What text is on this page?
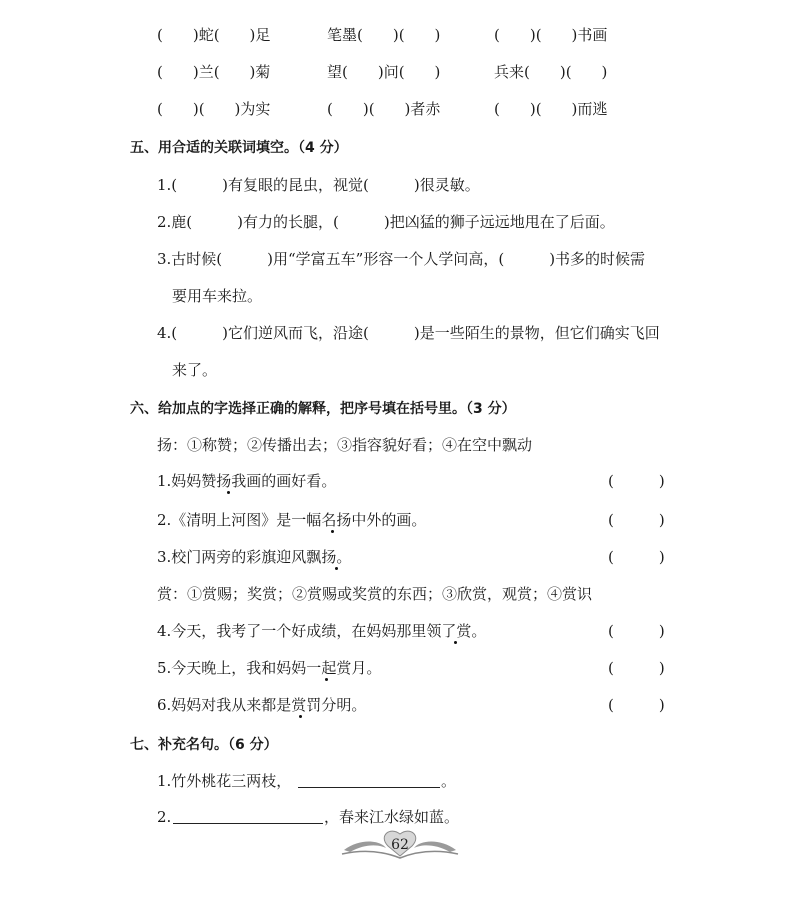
(　　)蛇(　　)足	笔墨(　　)(　　)	(　　)(　　)书画
(　　)兰(　　)菊	望(　　)问(　　)	兵来(　　)(　　)
(　　)(　　)为实	(　　)(　　)者赤	(　　)(　　)而逃
五、用合适的关联词填空。（4 分）
1.(　　　)有复眼的昆虫，视觉(　　　)很灵敏。
2.鹿(　　　)有力的长腿，(　　　)把凶猛的狮子远远地甩在了后面。
3.古时候(　　　)用“学富五车”形容一个人学问高，(　　　)书多的时候需
要用车来拉。
4.(　　　)它们逆风而飞，沿途(　　　)是一些陌生的景物，但它们确实飞回
来了。
六、给加点的字选择正确的解释，把序号填在括号里。（3 分）
扬：①称赞；②传播出去；③指容貌好看；④在空中飘动
1.妈妈赞扬我画的画好看。	(　　　)
2.《清明上河图》是一幅名扬中外的画。	(　　　)
3.校门两旁的彩旗迎风飘扬。	(　　　)
赏：①赏赐；奖赏；②赏赐或奖赏的东西；③欣赏，观赏；④赏识
4.今天，我考了一个好成绩，在妈妈那里领了赏。	(　　　)
5.今天晚上，我和妈妈一起赏月。	(　　　)
6.妈妈对我从来都是赏罚分明。	(　　　)
七、补充名句。（6 分）
1.竹外桃花三两枝，	。
2.	，春来江水绿如蓝。
62
